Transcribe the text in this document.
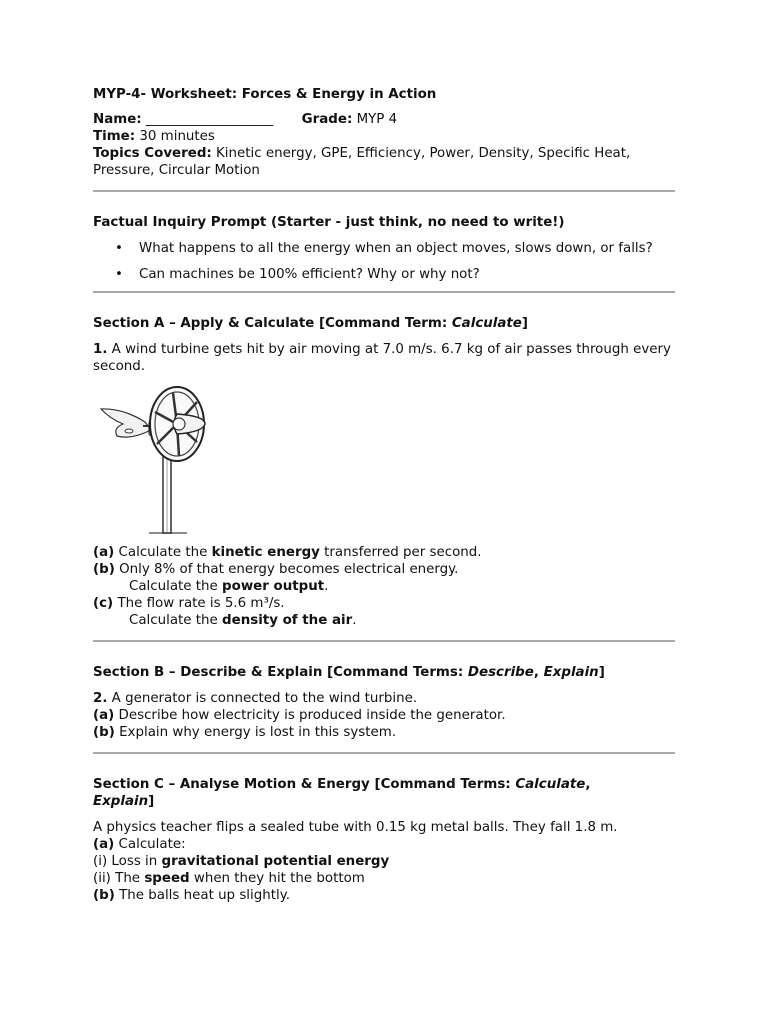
MYP-4- Worksheet: Forces & Energy in Action

Name: ___________________ Grade: MYP 4

Time: 30 minutes

Topics Covered: Kinetic energy, GPE, Efficiency, Power, Density, Specific Heat, Pressure, Circular Motion

Factual Inquiry Prompt (Starter - just think, no need to write!)

• What happens to all the energy when an object moves, slows down, or falls?
• Can machines be 100% efficient? Why or why not?

Section A – Apply & Calculate [Command Term: Calculate]

1. A wind turbine gets hit by air moving at 7.0 m/s. 6.7 kg of air passes through every second.

(a) Calculate the kinetic energy transferred per second.

(b) Only 8% of that energy becomes electrical energy.

Calculate the power output.

(c) The flow rate is 5.6 m³/s.

Calculate the density of the air.

Section B – Describe & Explain [Command Terms: Describe, Explain]

2. A generator is connected to the wind turbine.

(a) Describe how electricity is produced inside the generator.

(b) Explain why energy is lost in this system.

Section C – Analyse Motion & Energy [Command Terms: Calculate,
Explain]

A physics teacher flips a sealed tube with 0.15 kg metal balls. They fall 1.8 m.

(a) Calculate:

(i) Loss in gravitational potential energy

(ii) The speed when they hit the bottom

(b) The balls heat up slightly.
